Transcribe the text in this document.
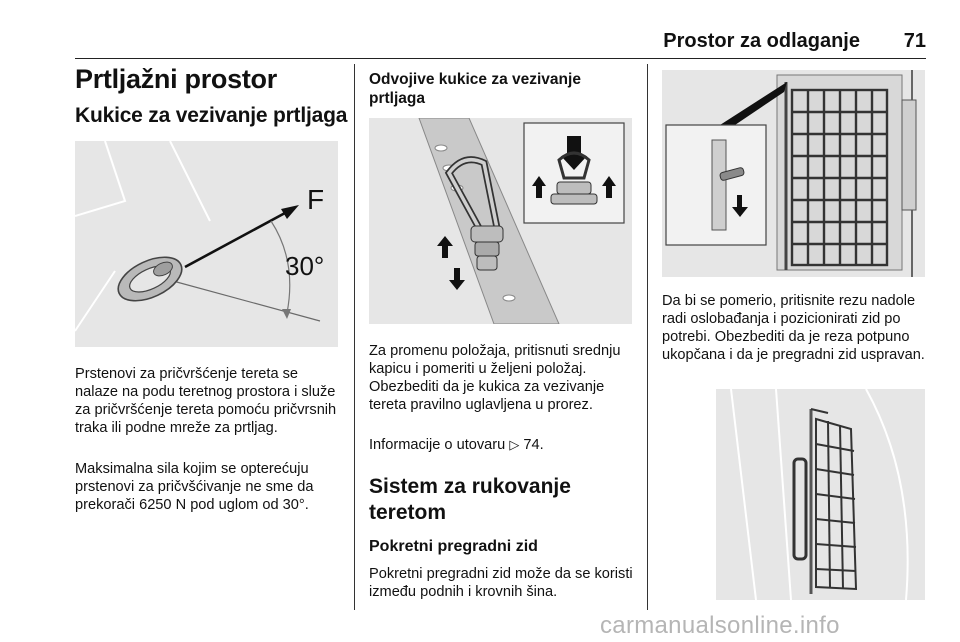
Prostor za odlaganje	71
Prtljažni prostor
Kukice za vezivanje prtljaga
F
30°
Prstenovi za pričvršćenje tereta se nalaze na podu teretnog prostora i služe za pričvršćenje tereta pomoću pričvrsnih traka ili podne mreže za prtljag.
Maksimalna sila kojim se opterećuju prstenovi za pričvšćivanje ne sme da prekorači 6250 N pod uglom od 30°.
Odvojive kukice za vezivanje prtljaga
Za promenu položaja, pritisnuti srednju kapicu i pomeriti u željeni položaj. Obezbediti da je kukica za vezivanje tereta pravilno uglavljena u prorez.
Informacije o utovaru ▷ 74.
Sistem za rukovanje teretom
Pokretni pregradni zid
Pokretni pregradni zid može da se koristi između podnih i krovnih šina.
Da bi se pomerio, pritisnite rezu nadole radi oslobađanja i pozicionirati zid po potrebi. Obezbediti da je reza potpuno ukopčana i da je pregradni zid uspravan.
carmanualsonline.info
